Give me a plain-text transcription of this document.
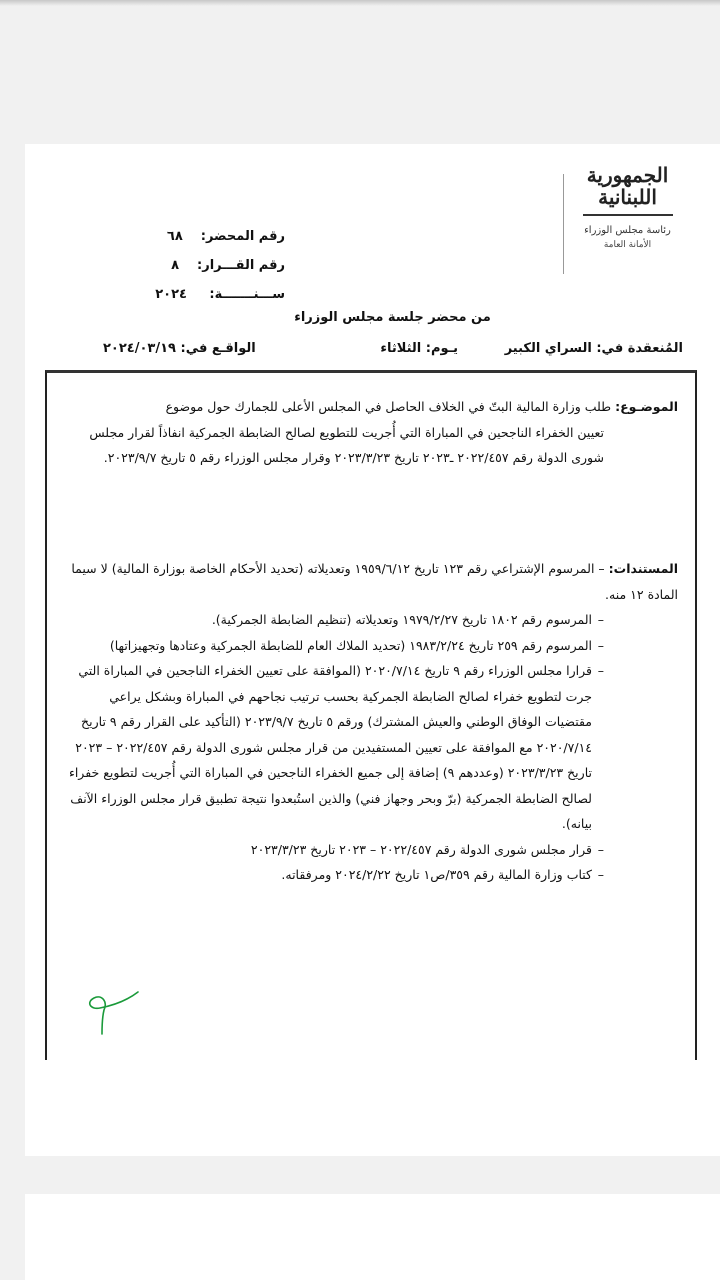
الجمهورية اللبنانية
رئاسة مجلس الوزراء
الأمانة العامة
رقم المحضر:
٦٨
رقم القـــرار:
٨
ســـنـــــــة:
٢٠٢٤
من محضر جلسة مجلس الوزراء
المُنعقدة في: السراي الكبير
يـوم: الثلاثاء
الواقـع في: ٢٠٢٤/٠٣/١٩
الموضـوع: طلب وزارة المالية البتّ في الخلاف الحاصل في المجلس الأعلى للجمارك حول موضوع
تعيين الخفراء الناجحين في المباراة التي أُجريت للتطويع لصالح الضابطة الجمركية انفاذاً لقرار مجلس شورى الدولة رقم ٢٠٢٢/٤٥٧ ـ٢٠٢٣ تاريخ ٢٠٢٣/٣/٢٣ وقرار مجلس الوزراء رقم ٥ تاريخ ٢٠٢٣/٩/٧.
المستندات: – المرسوم الإشتراعي رقم ١٢٣ تاريخ ١٩٥٩/٦/١٢ وتعديلاته (تحديد الأحكام الخاصة بوزارة المالية) لا سيما المادة ١٢ منه.
–المرسوم رقم ١٨٠٢ تاريخ ١٩٧٩/٢/٢٧ وتعديلاته (تنظيم الضابطة الجمركية).
–المرسوم رقم ٢٥٩ تاريخ ١٩٨٣/٢/٢٤ (تحديد الملاك العام للضابطة الجمركية وعتادها وتجهيزاتها)
–قرارا مجلس الوزراء رقم ٩ تاريخ ٢٠٢٠/٧/١٤ (الموافقة على تعيين الخفراء الناجحين في المباراة التي جرت لتطويع خفراء لصالح الضابطة الجمركية بحسب ترتيب نجاحهم في المباراة وبشكل يراعي مقتضيات الوفاق الوطني والعيش المشترك) ورقم ٥ تاريخ ٢٠٢٣/٩/٧ (التأكيد على القرار رقم ٩ تاريخ ٢٠٢٠/٧/١٤ مع الموافقة على تعيين المستفيدين من قرار مجلس شورى الدولة رقم ٢٠٢٢/٤٥٧ – ٢٠٢٣ تاريخ ٢٠٢٣/٣/٢٣ (وعددهم ٩) إضافة إلى جميع الخفراء الناجحين في المباراة التي أُجريت لتطويع خفراء لصالح الضابطة الجمركية (برّ وبحر وجهاز فني) والذين استُبعدوا نتيجة تطبيق قرار مجلس الوزراء الآنف بيانه).
–قرار مجلس شورى الدولة رقم ٢٠٢٢/٤٥٧ – ٢٠٢٣ تاريخ ٢٠٢٣/٣/٢٣
–كتاب وزارة المالية رقم ٣٥٩/ص١ تاريخ ٢٠٢٤/٢/٢٢ ومرفقاته.
